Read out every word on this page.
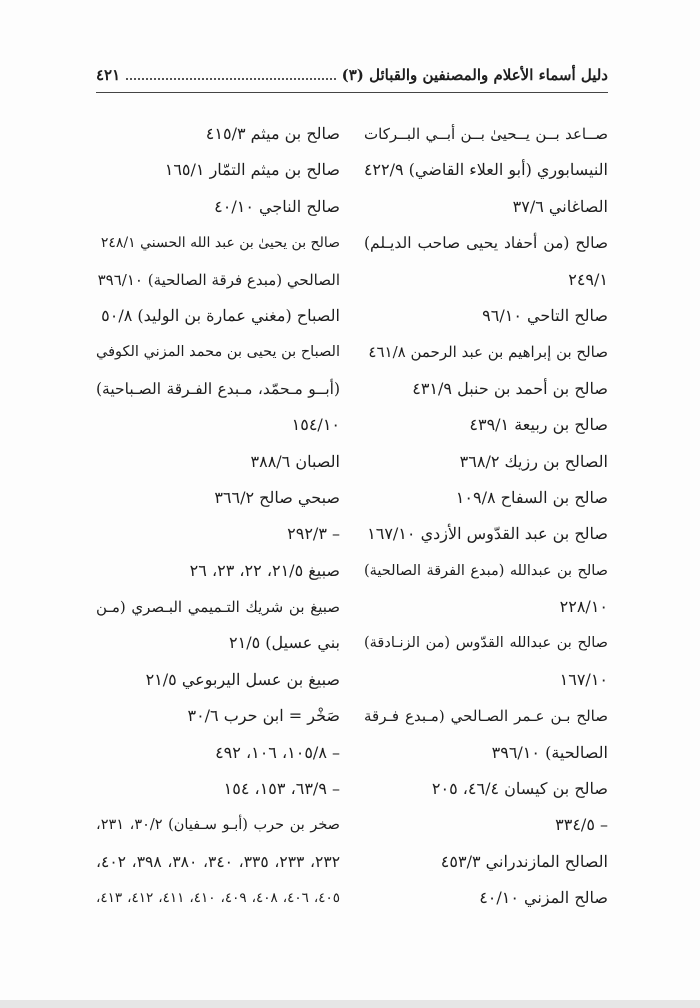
دليل أسماء الأعلام والمصنفين والقبائل (٣)
٤٢١
صــاعد بــن يــحيىٰ بــن أبــي البــركات
النيسابوري (أبو العلاء القاضي) ٤٢٢/٩
الصاغاني ٣٧/٦
صالح (من أحفاد يحيى صاحب الديـلم)
٢٤٩/١
صالح التاحي ٩٦/١٠
صالح بن إبراهيم بن عبد الرحمن ٤٦١/٨
صالح بن أحمد بن حنبل ٤٣١/٩
صالح بن ربيعة ٤٣٩/١
الصالح بن رزيك ٣٦٨/٢
صالح بن السفاح ١٠٩/٨
صالح بن عبد القدّوس الأزدي ١٦٧/١٠
صالح بن عبدالله (مبدع الفرقة الصالحية)
٢٢٨/١٠
صالح بن عبدالله القدّوس (من الزنـادقة)
١٦٧/١٠
صالح بـن عـمر الصـالحي (مـبدع فـرقة
الصالحية) ٣٩٦/١٠
صالح بن كيسان ٤٦/٤، ٢٠٥
– ٣٣٤/٥
الصالح المازندراني ٤٥٣/٣
صالح المزني ٤٠/١٠
صالح بن ميثم ٤١٥/٣
صالح بن ميثم التمّار ١٦٥/١
صالح الناجي ٤٠/١٠
صالح بن يحيىٰ بن عبد الله الحسني ٢٤٨/١
الصالحي (مبدع فرقة الصالحية) ٣٩٦/١٠
الصباح (مغني عمارة بن الوليد) ٥٠/٨
الصباح بن يحيى بن محمد المزني الكوفي
(أبــو مـحمّد، مـبدع الفـرقة الصـباحية)
١٥٤/١٠
الصبان ٣٨٨/٦
صبحي صالح ٣٦٦/٢
– ٢٩٢/٣
صبيغ ٢١/٥، ٢٢، ٢٣، ٢٦
صبيغ بن شريك التـميمي البـصري (مـن
بني عسيل) ٢١/٥
صبيغ بن عسل اليربوعي ٢١/٥
صَخْر = ابن حرب ٣٠/٦
– ١٠٥/٨، ١٠٦، ٤٩٢
– ٦٣/٩، ١٥٣، ١٥٤
صخر بن حرب (أبـو سـفيان) ٣٠/٢، ٢٣١،
٢٣٢، ٢٣٣، ٣٣٥، ٣٤٠، ٣٨٠، ٣٩٨، ٤٠٢،
٤٠٥، ٤٠٦، ٤٠٨، ٤٠٩، ٤١٠، ٤١١، ٤١٢، ٤١٣،
